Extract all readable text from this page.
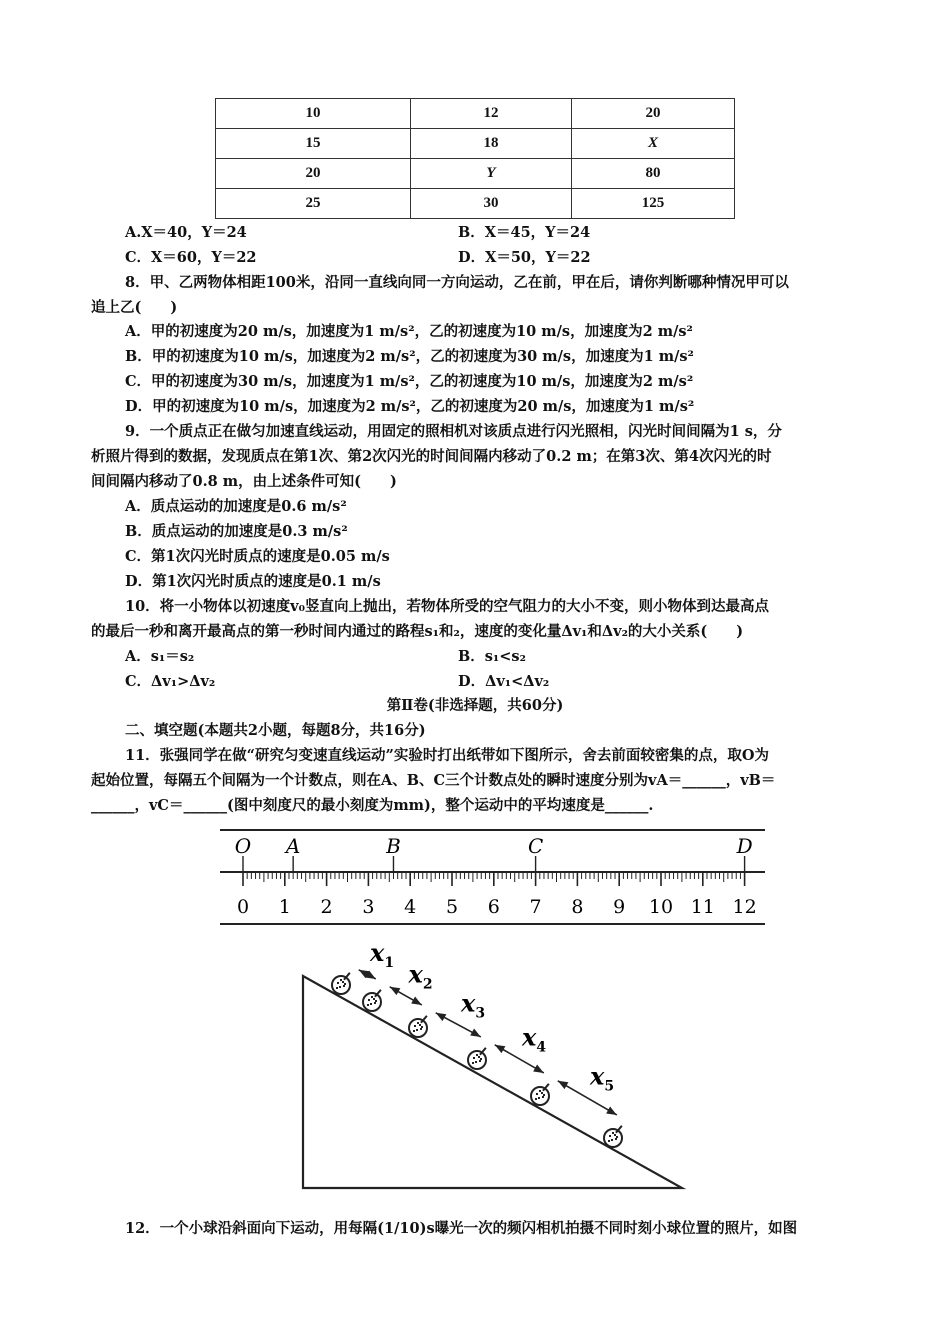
10	12	20
15	18	X
20	Y	80
25	30	125
A.X＝40，Y＝24	B．X＝45，Y＝24
C．X＝60，Y＝22	D．X＝50，Y＝22
8．甲、乙两物体相距100米，沿同一直线向同一方向运动，乙在前，甲在后，请你判断哪种情况甲可以
追上乙(　　)
A．甲的初速度为20 m/s，加速度为1 m/s²，乙的初速度为10 m/s，加速度为2 m/s²
B．甲的初速度为10 m/s，加速度为2 m/s²，乙的初速度为30 m/s，加速度为1 m/s²
C．甲的初速度为30 m/s，加速度为1 m/s²，乙的初速度为10 m/s，加速度为2 m/s²
D．甲的初速度为10 m/s，加速度为2 m/s²，乙的初速度为20 m/s，加速度为1 m/s²
9．一个质点正在做匀加速直线运动，用固定的照相机对该质点进行闪光照相，闪光时间间隔为1 s，分
析照片得到的数据，发现质点在第1次、第2次闪光的时间间隔内移动了0.2 m；在第3次、第4次闪光的时
间间隔内移动了0.8 m，由上述条件可知(　　)
A．质点运动的加速度是0.6 m/s²
B．质点运动的加速度是0.3 m/s²
C．第1次闪光时质点的速度是0.05 m/s
D．第1次闪光时质点的速度是0.1 m/s
10．将一小物体以初速度v₀竖直向上抛出，若物体所受的空气阻力的大小不变，则小物体到达最高点
的最后一秒和离开最高点的第一秒时间内通过的路程s₁和₂，速度的变化量Δv₁和Δv₂的大小关系(　　)
A．s₁＝s₂	B．s₁<s₂
C．Δv₁>Δv₂	D．Δv₁<Δv₂
第Ⅱ卷(非选择题，共60分)
二、填空题(本题共2小题，每题8分，共16分)
11．张强同学在做“研究匀变速直线运动”实验时打出纸带如下图所示，舍去前面较密集的点，取O为
起始位置，每隔五个间隔为一个计数点，则在A、B、C三个计数点处的瞬时速度分别为vA＝______，vB＝
______，vC＝______(图中刻度尺的最小刻度为mm)，整个运动中的平均速度是______.
O A	B	C	D
0 1 2 3 4 5 6 7 8 9 10 11 12
$x_1$ $x_2$
$x_3$
$x_4$
$x_5$
12．一个小球沿斜面向下运动，用每隔(1/10)s曝光一次的频闪相机拍摄不同时刻小球位置的照片，如图
